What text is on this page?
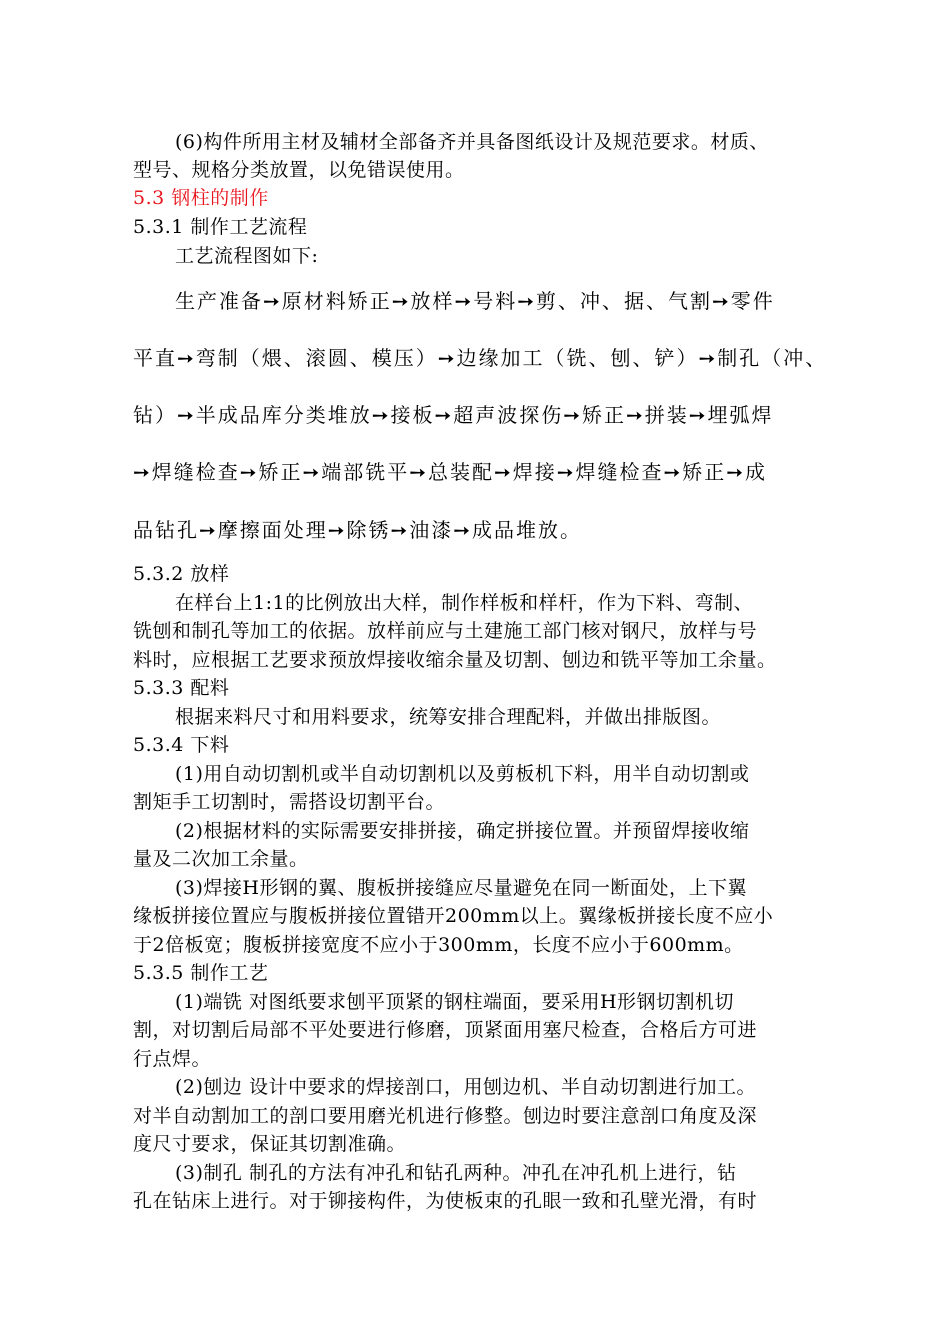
(6)构件所用主材及辅材全部备齐并具备图纸设计及规范要求。材质、
型号、规格分类放置，以免错误使用。
5.3 钢柱的制作
5.3.1 制作工艺流程
工艺流程图如下:
生产准备➙原材料矫正➙放样➙号料➙剪、冲、据、气割➙零件
平直➙弯制（煨、滚圆、模压）➙边缘加工（铣、刨、铲）➙制孔（冲、
钻）➙半成品库分类堆放➙接板➙超声波探伤➙矫正➙拼装➙埋弧焊
➙焊缝检查➙矫正➙端部铣平➙总装配➙焊接➙焊缝检查➙矫正➙成
品钻孔➙摩擦面处理➙除锈➙油漆➙成品堆放。
5.3.2 放样
在样台上1:1的比例放出大样，制作样板和样杆，作为下料、弯制、
铣刨和制孔等加工的依据。放样前应与土建施工部门核对钢尺，放样与号
料时，应根据工艺要求预放焊接收缩余量及切割、刨边和铣平等加工余量。
5.3.3 配料
根据来料尺寸和用料要求，统筹安排合理配料，并做出排版图。
5.3.4 下料
(1)用自动切割机或半自动切割机以及剪板机下料，用半自动切割或
割矩手工切割时，需搭设切割平台。
(2)根据材料的实际需要安排拼接，确定拼接位置。并预留焊接收缩
量及二次加工余量。
(3)焊接H形钢的翼、腹板拼接缝应尽量避免在同一断面处，上下翼
缘板拼接位置应与腹板拼接位置错开200mm以上。翼缘板拼接长度不应小
于2倍板宽；腹板拼接宽度不应小于300mm，长度不应小于600mm。
5.3.5 制作工艺
(1)端铣 对图纸要求刨平顶紧的钢柱端面，要采用H形钢切割机切
割，对切割后局部不平处要进行修磨，顶紧面用塞尺检查，合格后方可进
行点焊。
(2)刨边 设计中要求的焊接剖口，用刨边机、半自动切割进行加工。
对半自动割加工的剖口要用磨光机进行修整。刨边时要注意剖口角度及深
度尺寸要求，保证其切割准确。
(3)制孔 制孔的方法有冲孔和钻孔两种。冲孔在冲孔机上进行，钻
孔在钻床上进行。对于铆接构件，为使板束的孔眼一致和孔壁光滑，有时
